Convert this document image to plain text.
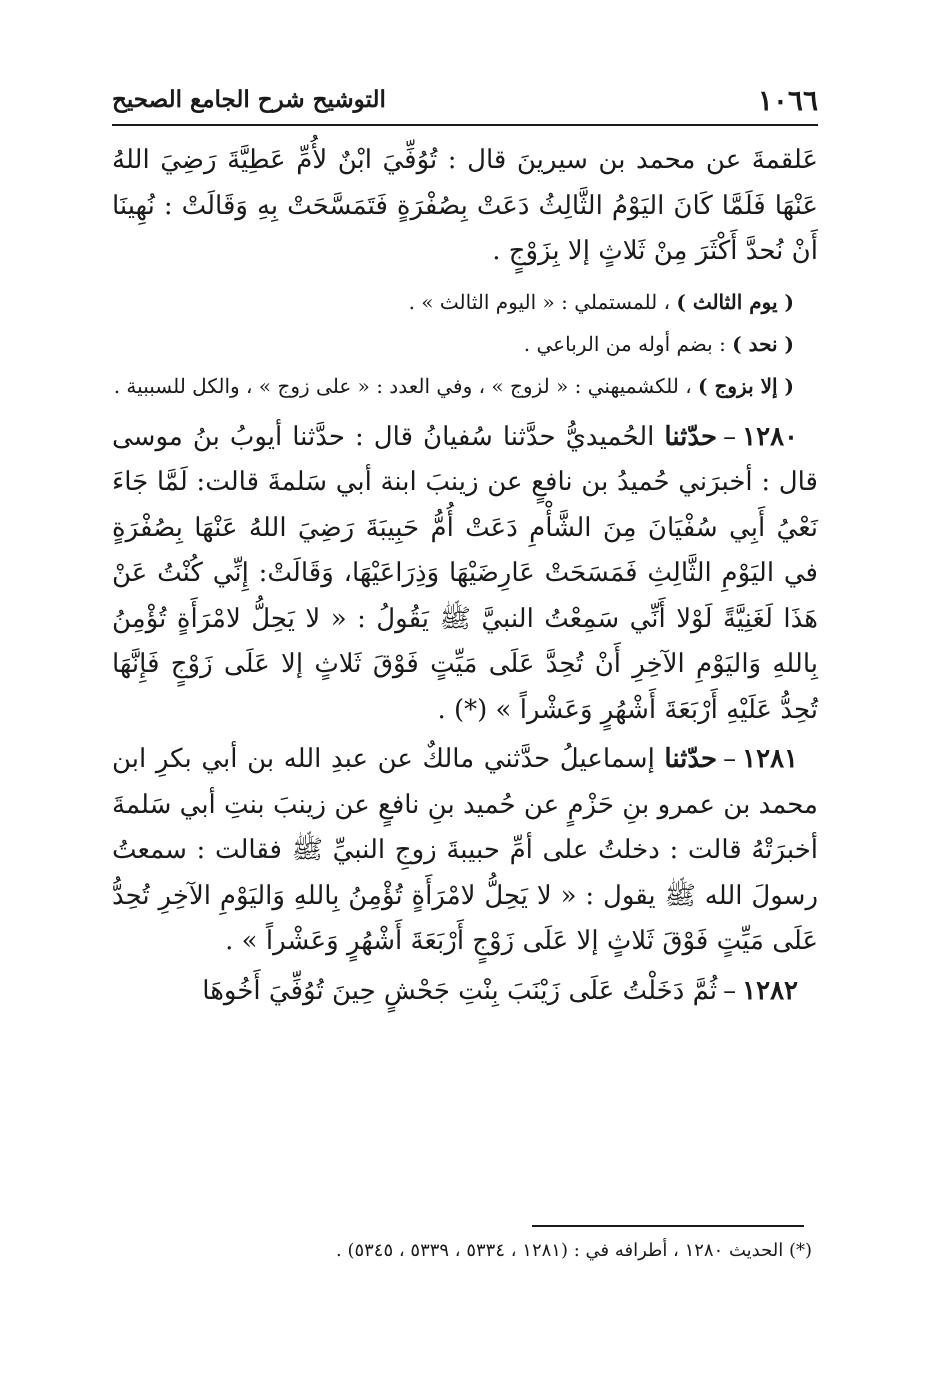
١٠٦٦
التوشيح شرح الجامع الصحيح

عَلقمةَ عن محمد بن سيرينَ قال : تُوُفِّيَ ابْنٌ لأُمِّ عَطِيَّةَ رَضِيَ اللهُ عَنْهَا فَلَمَّا كَانَ اليَوْمُ الثَّالِثُ دَعَتْ بِصُفْرَةٍ فَتَمَسَّحَتْ بِهِ وَقَالَتْ : نُهِينَا أَنْ نُحدَّ أَكْثَرَ مِنْ ثَلاثٍ إلا بِزَوْجٍ .

( يوم الثالث ) ، للمستملي : « اليوم الثالث » .

( نحد ) : بضم أوله من الرباعي .

( إلا بزوج ) ، للكشميهني : « لزوج » ، وفي العدد : « على زوج » ، والكل للسببية .

١٢٨٠–حدّثنا الحُميديُّ حدَّثنا سُفيانُ قال : حدَّثنا أيوبُ بنُ موسى قال : أخبرَني حُميدُ بن نافعٍ عن زينبَ ابنة أبي سَلمةَ قالت: لَمَّا جَاءَ نَعْيُ أَبِي سُفْيَانَ مِنَ الشَّأْمِ دَعَتْ أُمُّ حَبِيبَةَ رَضِيَ اللهُ عَنْهَا بِصُفْرَةٍ في اليَوْمِ الثَّالِثِ فَمَسَحَتْ عَارِضَيْهَا وَذِرَاعَيْهَا، وَقَالَتْ: إِنِّي كُنْتُ عَنْ هَذَا لَغَنِيَّةً لَوْلا أَنِّي سَمِعْتُ النبيَّ ﷺ يَقُولُ : « لا يَحِلُّ لامْرَأَةٍ تُؤْمِنُ بِاللهِ وَاليَوْمِ الآخِرِ أَنْ تُحِدَّ عَلَى مَيِّتٍ فَوْقَ ثَلاثٍ إلا عَلَى زَوْجٍ فَإِنَّهَا تُحِدُّ عَلَيْهِ أَرْبَعَةَ أَشْهُرٍ وَعَشْراً » (*) .

١٢٨١–حدّثنا إسماعيلُ حدَّثني مالكٌ عن عبدِ الله بن أبي بكرِ ابن محمد بن عمرو بنِ حَزْمٍ عن حُميد بنِ نافعٍ عن زينبَ بنتِ أبي سَلمةَ أخبرَتْهُ قالت : دخلتُ على أمِّ حبيبةَ زوجِ النبيِّ ﷺ فقالت : سمعتُ رسولَ الله ﷺ يقول : « لا يَحِلُّ لامْرَأَةٍ تُؤْمِنُ بِاللهِ وَاليَوْمِ الآخِرِ تُحِدُّ عَلَى مَيِّتٍ فَوْقَ ثَلاثٍ إلا عَلَى زَوْجٍ أَرْبَعَةَ أَشْهُرٍ وَعَشْراً » .

١٢٨٢–ثُمَّ دَخَلْتُ عَلَى زَيْنَبَ بِنْتِ جَحْشٍ حِينَ تُوُفِّيَ أَخُوهَا

(*) الحديث ١٢٨٠ ، أطرافه في : (١٢٨١ ، ٥٣٣٤ ، ٥٣٣٩ ، ٥٣٤٥) .
